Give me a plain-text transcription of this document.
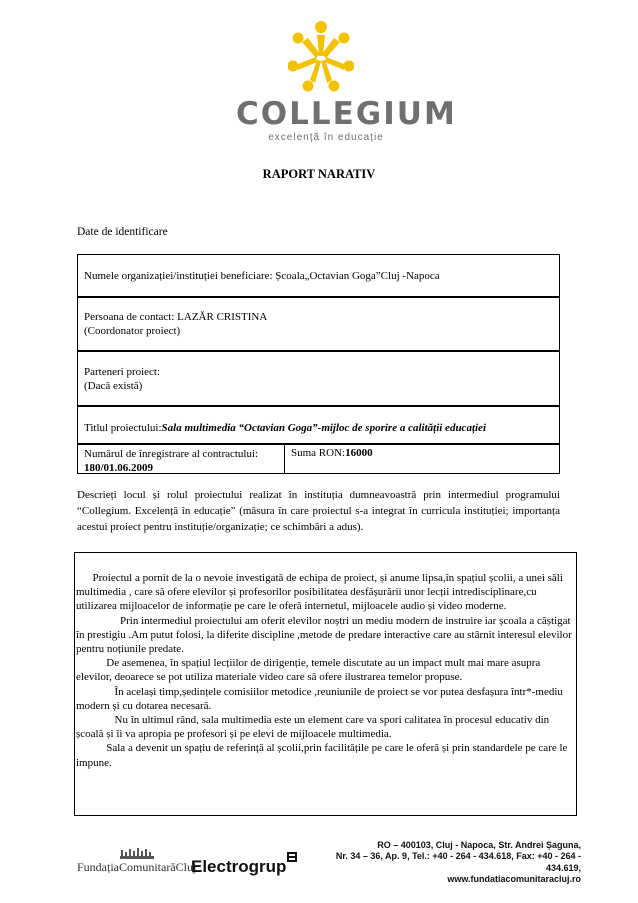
COLLEGIUM
excelență în educație
RAPORT NARATIV
Date de identificare
Numele organizației/instituției beneficiare: Școala„Octavian Goga”Cluj -Napoca
Persoana de contact: LAZĂR CRISTINA
(Coordonator proiect)
Parteneri proiect:
(Dacă există)
Titlul proiectului:Sala multimedia “Octavian Goga”-mijloc de sporire a calității educației
Numărul de înregistrare al contractului:
180/01.06.2009
Suma RON:16000
Descrieți locul și rolul proiectului realizat în instituția dumneavoastră prin intermediul programului “Collegium. Excelență în educație” (măsura în care proiectul s-a integrat în curricula instituției; importanța acestui proiect pentru instituție/organizație; ce schimbări a adus).

Proiectul a pornit de la o nevoie investigată de echipa de proiect, și anume lipsa,în spațiul școlii, a unei săli multimedia , care să ofere elevilor și profesorilor posibilitatea desfășurării unor lecții intredisciplinare,cu utilizarea mijloacelor de informație pe care le oferă internetul, mijloacele audio și video moderne.

Prin intermediul proiectului am oferit elevilor noștri un mediu modern de instruire iar școala a câștigat în prestigiu .Am putut folosi, la diferite discipline ,metode de predare interactive care au stârnit interesul elevilor pentru noțiunile predate.

De asemenea, în spațiul lecțiilor de dirigenție, temele discutate au un impact mult mai mare asupra elevilor, deoarece se pot utiliza materiale video care să ofere ilustrarea temelor propuse.

În același timp,ședințele comisiilor metodice ,reuniunile de proiect se vor putea desfașura într*-mediu modern și cu dotarea necesară.

Nu în ultimul rând, sala multimedia este un element care va spori calitatea în procesul educativ din școală și îi va apropia pe profesori și pe elevi de mijloacele multimedia.

Sala a devenit un spațiu de referință al școlii,prin facilitățile pe care le oferă și prin standardele pe care le impune.

FundațiaComunitarăCluj
Electrogrup
RO – 400103, Cluj - Napoca, Str. Andrei Șaguna,
Nr. 34 – 36, Ap. 9, Tel.: +40 - 264 - 434.618, Fax: +40 - 264 - 434.619,
www.fundatiacomunitaracluj.ro
